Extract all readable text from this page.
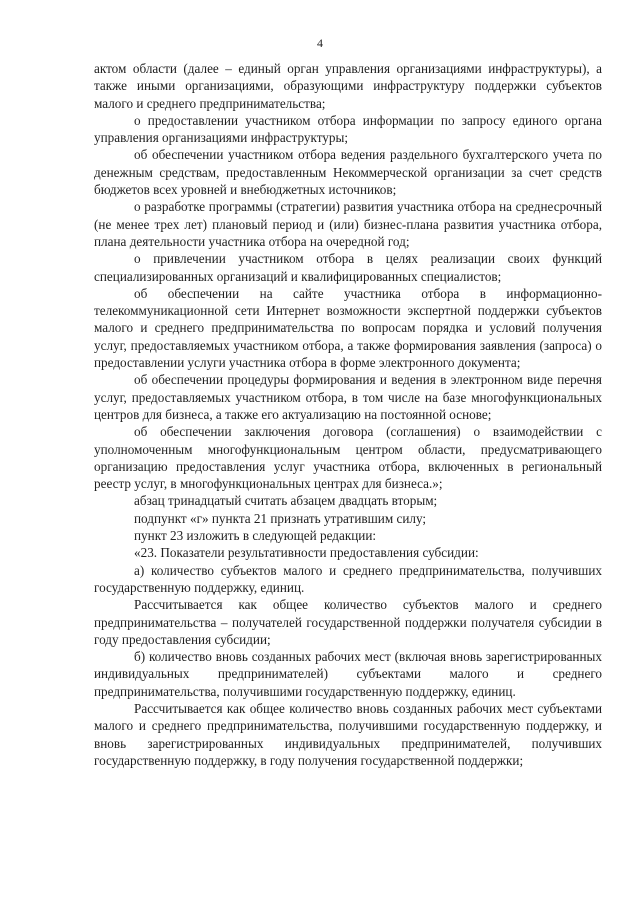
4

актом области (далее – единый орган управления организациями инфраструктуры), а также иными организациями, образующими инфраструктуру поддержки субъектов малого и среднего предпринимательства;

о предоставлении участником отбора информации по запросу единого органа управления организациями инфраструктуры;

об обеспечении участником отбора ведения раздельного бухгалтерского учета по денежным средствам, предоставленным Некоммерческой организации за счет средств бюджетов всех уровней и внебюджетных источников;

о разработке программы (стратегии) развития участника отбора на среднесрочный (не менее трех лет) плановый период и (или) бизнес-плана развития участника отбора, плана деятельности участника отбора на очередной год;

о привлечении участником отбора в целях реализации своих функций специализированных организаций и квалифицированных специалистов;

об обеспечении на сайте участника отбора в информационно-телекоммуникационной сети Интернет возможности экспертной поддержки субъектов малого и среднего предпринимательства по вопросам порядка и условий получения услуг, предоставляемых участником отбора, а также формирования заявления (запроса) о предоставлении услуги участника отбора в форме электронного документа;

об обеспечении процедуры формирования и ведения в электронном виде перечня услуг, предоставляемых участником отбора, в том числе на базе многофункциональных центров для бизнеса, а также его актуализацию на постоянной основе;

об обеспечении заключения договора (соглашения) о взаимодействии с уполномоченным многофункциональным центром области, предусматривающего организацию предоставления услуг участника отбора, включенных в региональный реестр услуг, в многофункциональных центрах для бизнеса.»;

абзац тринадцатый считать абзацем двадцать вторым;

подпункт «г» пункта 21 признать утратившим силу;

пункт 23 изложить в следующей редакции:

«23. Показатели результативности предоставления субсидии:

а) количество субъектов малого и среднего предпринимательства, получивших государственную поддержку, единиц.

Рассчитывается как общее количество субъектов малого и среднего предпринимательства – получателей государственной поддержки получателя субсидии в году предоставления субсидии;

б) количество вновь созданных рабочих мест (включая вновь зарегистрированных индивидуальных предпринимателей) субъектами малого и среднего предпринимательства, получившими государственную поддержку, единиц.

Рассчитывается как общее количество вновь созданных рабочих мест субъектами малого и среднего предпринимательства, получившими государственную поддержку, и вновь зарегистрированных индивидуальных предпринимателей, получивших государственную поддержку, в году получения государственной поддержки;
